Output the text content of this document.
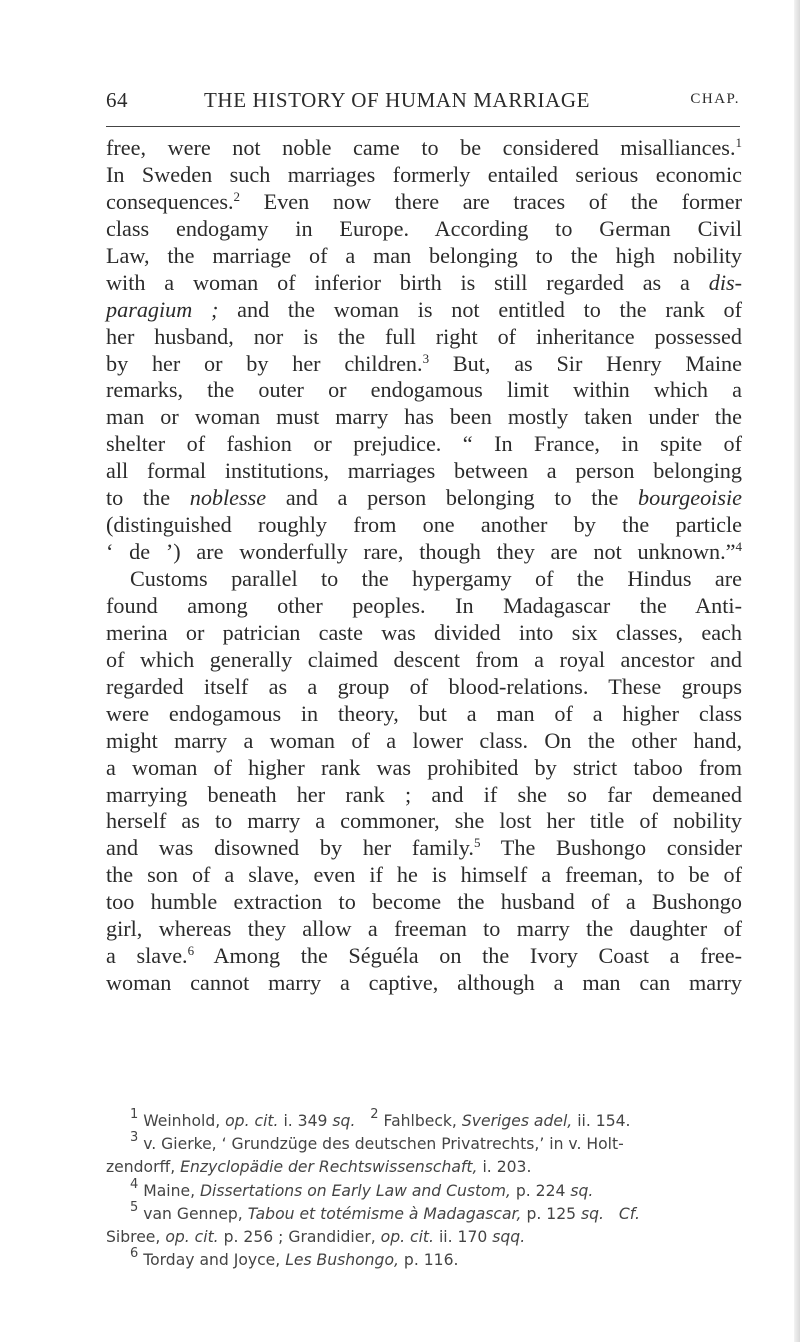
64	THE HISTORY OF HUMAN MARRIAGE	CHAP.
free, were not noble came to be considered misalliances.$^1$
In Sweden such marriages formerly entailed serious economic
consequences.$^2$ Even now there are traces of the former
class endogamy in Europe. According to German Civil
Law, the marriage of a man belonging to the high nobility
with a woman of inferior birth is still regarded as a dis-
paragium ; and the woman is not entitled to the rank of
her husband, nor is the full right of inheritance possessed
by her or by her children.$^3$ But, as Sir Henry Maine
remarks, the outer or endogamous limit within which a
man or woman must marry has been mostly taken under the
shelter of fashion or prejudice. “ In France, in spite of
all formal institutions, marriages between a person belonging
to the noblesse and a person belonging to the bourgeoisie
(distinguished roughly from one another by the particle
‘ de ’) are wonderfully rare, though they are not unknown.”$^4$
Customs parallel to the hypergamy of the Hindus are
found among other peoples. In Madagascar the Anti-
merina or patrician caste was divided into six classes, each
of which generally claimed descent from a royal ancestor and
regarded itself as a group of blood-relations. These groups
were endogamous in theory, but a man of a higher class
might marry a woman of a lower class. On the other hand,
a woman of higher rank was prohibited by strict taboo from
marrying beneath her rank ; and if she so far demeaned
herself as to marry a commoner, she lost her title of nobility
and was disowned by her family.$^5$ The Bushongo consider
the son of a slave, even if he is himself a freeman, to be of
too humble extraction to become the husband of a Bushongo
girl, whereas they allow a freeman to marry the daughter of
a slave.$^6$ Among the Séguéla on the Ivory Coast a free-
woman cannot marry a captive, although a man can marry
$^1$ Weinhold, op. cit. i. 349 sq. $^2$ Fahlbeck, Sveriges adel, ii. 154.
$^3$ v. Gierke, ‘ Grundzüge des deutschen Privatrechts,’ in v. Holt-
zendorff, Enzyclopädie der Rechtswissenschaft, i. 203.
$^4$ Maine, Dissertations on Early Law and Custom, p. 224 sq.
$^5$ van Gennep, Tabou et totémisme à Madagascar, p. 125 sq. Cf.
Sibree, op. cit. p. 256 ; Grandidier, op. cit. ii. 170 sqq.
$^6$ Torday and Joyce, Les Bushongo, p. 116.
